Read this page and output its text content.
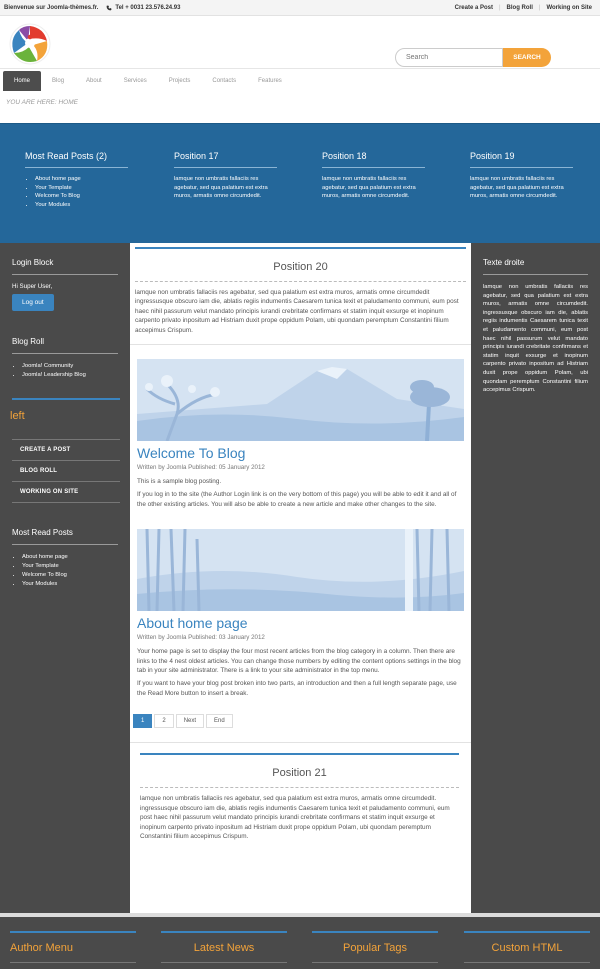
Bienvenue sur Joomla-thèmes.fr.	Tel + 0031 23.576.24.93	Create a Post | Blog Roll | Working on Site
Search
SEARCH
Home	Blog	About	Services	Projects	Contacts	Features
YOU ARE HERE: HOME
Most Read Posts (2)
• About home page
• Your Template
• Welcome To Blog
• Your Modules
Position 17

lamque non umbratis fallaciis res agebatur, sed qua palatium est extra muros, armatis omne circumdedit.

Position 18

lamque non umbratis fallaciis res agebatur, sed qua palatium est extra muros, armatis omne circumdedit.

Position 19

lamque non umbratis fallaciis res agebatur, sed qua palatium est extra muros, armatis omne circumdedit.

Login Block
Hi Super User,
Log out
Blog Roll
• Joomla! Community
• Joomla! Leadership Blog
left
CREATE A POST
BLOG ROLL
WORKING ON SITE
Most Read Posts
• About home page
• Your Template
• Welcome To Blog
• Your Modules
Position 20
lamque non umbratis fallaciis res agebatur, sed qua palatium est extra muros, armatis omne circumdedit ingressusque obscuro iam die, ablatis regiis indumentis Caesarem tunica texit et paludamento communi, eum post haec nihil passurum velut mandato principis iurandi crebritate confirmans et statim inquit exsurge et inopinum carpento privato inpositum ad Histriam duxit prope oppidum Polam, ubi quondam peremptum Constantini filium accepimus Crispum.
Welcome To Blog
Written by Joomla Published: 05 January 2012
This is a sample blog posting.
If you log in to the site (the Author Login link is on the very bottom of this page) you will be able to edit it and all of the other existing articles. You will also be able to create a new article and make other changes to the site.
About home page
Written by Joomla Published: 03 January 2012
Your home page is set to display the four most recent articles from the blog category in a column. Then there are links to the 4 nest oldest articles. You can change those numbers by editing the content options settings in the blog tab in your site administrator. There is a link to your site administrator in the top menu.
If you want to have your blog post broken into two parts, an introduction and then a full length separate page, use the Read More button to insert a break.
1	2	Next	End
Position 21
lamque non umbratis fallaciis res agebatur, sed qua palatium est extra muros, armatis omne circumdedit. ingressusque obscuro iam die, ablatis regiis indumentis Caesarem tunica texit et paludamento communi, eum post haec nihil passurum velut mandato principis iurandi crebritate confirmans et statim inquit exsurge et inopinum carpento privato inpositum ad Histriam duxit prope oppidum Polam, ubi quondam peremptum Constantini filium accepimus Crispum.
Texte droite
lamque non umbratis fallaciis res agebatur, sed qua palatium est extra muros, armatis omne circumdedit. ingressusque obscuro iam die, ablatis regiis indumentis Caesarem tunica texit et paludamento communi, eum post haec nihil passurum velut mandato principis iurandi crebritate confirmans et statim inquit exsurge et inopinum carpento privato inpositum ad Histriam duxit prope oppidum Polam, ubi quondam peremptum Constantini filium accepimus Crispum.
Author Menu	Latest News	Popular Tags	Custom HTML
